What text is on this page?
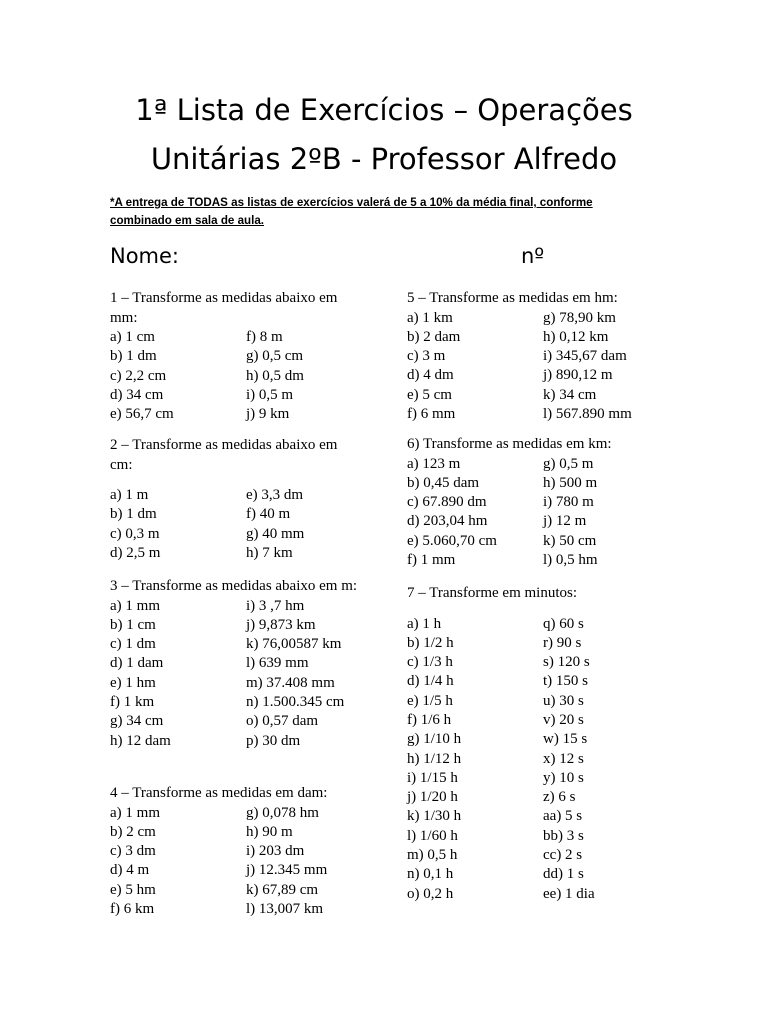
1ª Lista de Exercícios – Operações
Unitárias 2ºB - Professor Alfredo
*A entrega de TODAS as listas de exercícios valerá de 5 a 10% da média final, conforme combinado em sala de aula.
Nome:	nº
1 – Transforme as medidas abaixo em mm:
a) 1 cm	f) 8 m
b) 1 dm	g) 0,5 cm
c) 2,2 cm	h) 0,5 dm
d) 34 cm	i) 0,5 m
e) 56,7 cm	j) 9 km
2 – Transforme as medidas abaixo em cm:
a) 1 m	e) 3,3 dm
b) 1 dm	f) 40 m
c) 0,3 m	g) 40 mm
d) 2,5 m	h) 7 km
3 – Transforme as medidas abaixo em m:
a) 1 mm	i) 3 ,7 hm
b) 1 cm	j) 9,873 km
c) 1 dm	k) 76,00587 km
d) 1 dam	l) 639 mm
e) 1 hm	m) 37.408 mm
f) 1 km	n) 1.500.345 cm
g) 34 cm	o) 0,57 dam
h) 12 dam	p) 30 dm
4 – Transforme as medidas em dam:
a) 1 mm	g) 0,078 hm
b) 2 cm	h) 90 m
c) 3 dm	i) 203 dm
d) 4 m	j) 12.345 mm
e) 5 hm	k) 67,89 cm
f) 6 km	l) 13,007 km
5 – Transforme as medidas em hm:
a) 1 km	g) 78,90 km
b) 2 dam	h) 0,12 km
c) 3 m	i) 345,67 dam
d) 4 dm	j) 890,12 m
e) 5 cm	k) 34 cm
f) 6 mm	l) 567.890 mm
6) Transforme as medidas em km:
a) 123 m	g) 0,5 m
b) 0,45 dam	h) 500 m
c) 67.890 dm	i) 780 m
d) 203,04 hm	j) 12 m
e) 5.060,70 cm	k) 50 cm
f) 1 mm	l) 0,5 hm
7 – Transforme em minutos:
a) 1 h	q) 60 s
b) 1/2 h	r) 90 s
c) 1/3 h	s) 120 s
d) 1/4 h	t) 150 s
e) 1/5 h	u) 30 s
f) 1/6 h	v) 20 s
g) 1/10 h	w) 15 s
h) 1/12 h	x) 12 s
i) 1/15 h	y) 10 s
j) 1/20 h	z) 6 s
k) 1/30 h	aa) 5 s
l) 1/60 h	bb) 3 s
m) 0,5 h	cc) 2 s
n) 0,1 h	dd) 1 s
o) 0,2 h	ee) 1 dia
